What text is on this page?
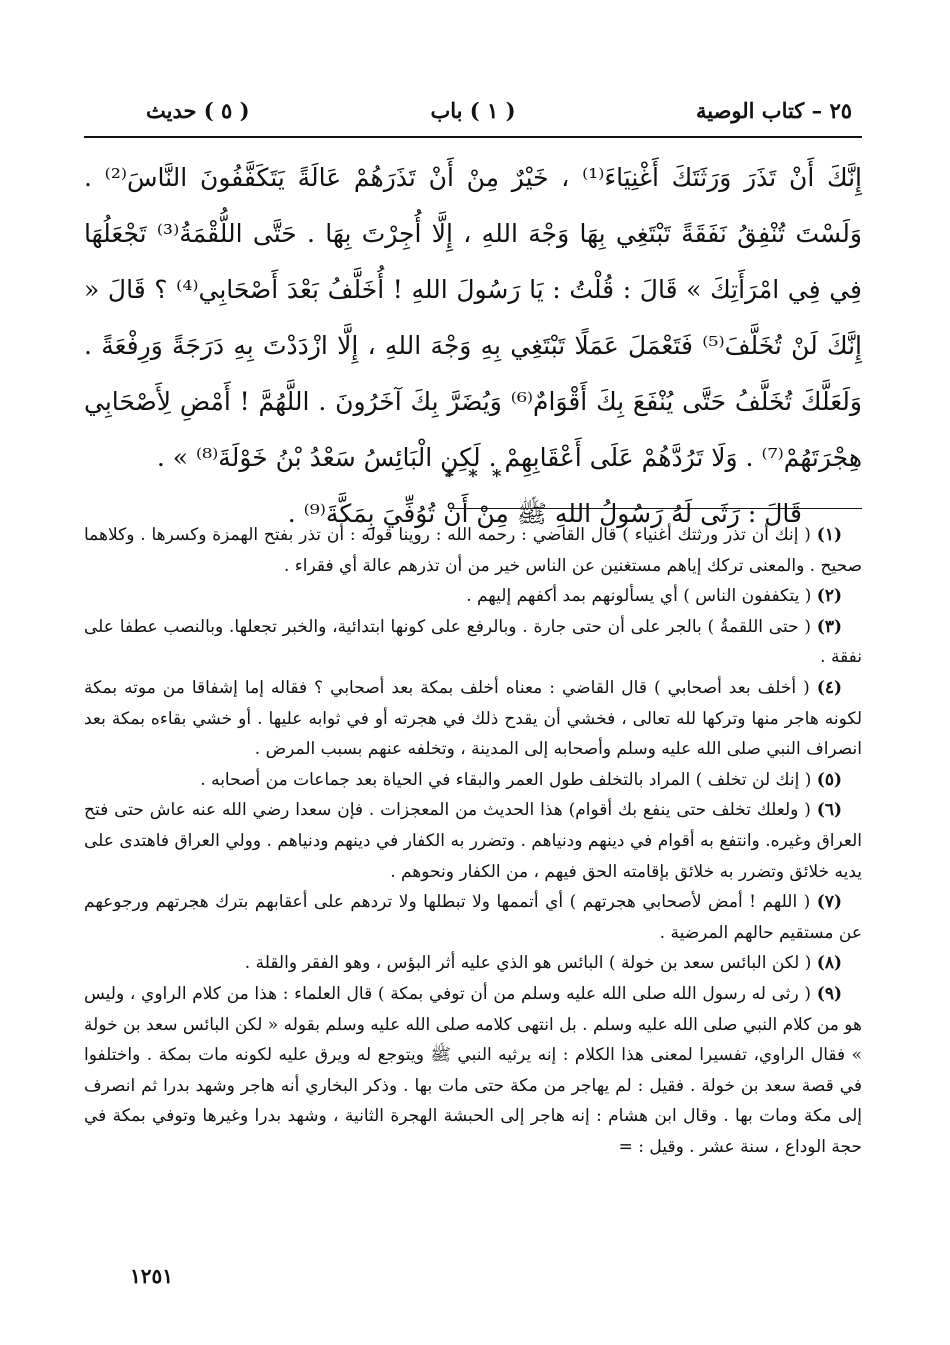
٢٥ – كتاب الوصية
( ١ ) باب
( ٥ ) حديث

إِنَّكَ أَنْ تَذَرَ وَرَثَتَكَ أَغْنِيَاءَ⁽¹⁾ ، خَيْرٌ مِنْ أَنْ تَذَرَهُمْ عَالَةً يَتَكَفَّفُونَ النَّاسَ⁽²⁾ . وَلَسْتَ تُنْفِقُ نَفَقَةً تَبْتَغِي بِهَا وَجْهَ اللهِ ، إِلَّا أُجِرْتَ بِهَا . حَتَّى اللُّقْمَةُ⁽³⁾ تَجْعَلُهَا فِي فِي امْرَأَتِكَ » قَالَ : قُلْتُ : يَا رَسُولَ اللهِ ! أُخَلَّفُ بَعْدَ أَصْحَابِي⁽⁴⁾ ؟ قَالَ « إِنَّكَ لَنْ تُخَلَّفَ⁽⁵⁾ فَتَعْمَلَ عَمَلًا تَبْتَغِي بِهِ وَجْهَ اللهِ ، إِلَّا ازْدَدْتَ بِهِ دَرَجَةً وَرِفْعَةً . وَلَعَلَّكَ تُخَلَّفُ حَتَّى يُنْفَعَ بِكَ أَقْوَامٌ⁽⁶⁾ وَيُضَرَّ بِكَ آخَرُونَ . اللَّهُمَّ ! أَمْضِ لِأَصْحَابِي هِجْرَتَهُمْ⁽⁷⁾ . وَلَا تَرُدَّهُمْ عَلَى أَعْقَابِهِمْ . لَكِنِ الْبَائِسُ سَعْدُ بْنُ خَوْلَةَ⁽⁸⁾ » .

قَالَ : رَثَى لَهُ رَسُولُ اللهِ ﷺ مِنْ أَنْ تُوُفِّيَ بِمَكَّةَ⁽⁹⁾ .

* * *

(١) ( إنك أن تذر ورثتك أغنياء ) قال القاضي : رحمه الله : روينا قوله : أن تذر بفتح الهمزة وكسرها . وكلاهما صحيح . والمعنى تركك إياهم مستغنين عن الناس خير من أن تذرهم عالة أي فقراء .

(٢) ( يتكففون الناس ) أي يسألونهم بمد أكفهم إليهم .

(٣) ( حتى اللقمةُ ) بالجر على أن حتى جارة . وبالرفع على كونها ابتدائية، والخبر تجعلها. وبالنصب عطفا على نفقة .

(٤) ( أخلف بعد أصحابي ) قال القاضي : معناه أخلف بمكة بعد أصحابي ؟ فقاله إما إشفاقا من موته بمكة لكونه هاجر منها وتركها لله تعالى ، فخشي أن يقدح ذلك في هجرته أو في ثوابه عليها . أو خشي بقاءه بمكة بعد انصراف النبي صلى الله عليه وسلم وأصحابه إلى المدينة ، وتخلفه عنهم بسبب المرض .

(٥) ( إنك لن تخلف ) المراد بالتخلف طول العمر والبقاء في الحياة بعد جماعات من أصحابه .

(٦) ( ولعلك تخلف حتى ينفع بك أقوام) هذا الحديث من المعجزات . فإن سعدا رضي الله عنه عاش حتى فتح العراق وغيره. وانتفع به أقوام في دينهم ودنياهم . وتضرر به الكفار في دينهم ودنياهم . وولي العراق فاهتدى على يديه خلائق وتضرر به خلائق بإقامته الحق فيهم ، من الكفار ونحوهم .

(٧) ( اللهم ! أمض لأصحابي هجرتهم ) أي أتممها ولا تبطلها ولا تردهم على أعقابهم بترك هجرتهم ورجوعهم عن مستقيم حالهم المرضية .

(٨) ( لكن البائس سعد بن خولة ) البائس هو الذي عليه أثر البؤس ، وهو الفقر والقلة .

(٩) ( رثى له رسول الله صلى الله عليه وسلم من أن توفي بمكة ) قال العلماء : هذا من كلام الراوي ، وليس هو من كلام النبي صلى الله عليه وسلم . بل انتهى كلامه صلى الله عليه وسلم بقوله « لكن البائس سعد بن خولة » فقال الراوي، تفسيرا لمعنى هذا الكلام : إنه يرثيه النبي ﷺ ويتوجع له ويرق عليه لكونه مات بمكة . واختلفوا في قصة سعد بن خولة . فقيل : لم يهاجر من مكة حتى مات بها . وذكر البخاري أنه هاجر وشهد بدرا ثم انصرف إلى مكة ومات بها . وقال ابن هشام : إنه هاجر إلى الحبشة الهجرة الثانية ، وشهد بدرا وغيرها وتوفي بمكة في حجة الوداع ، سنة عشر . وقيل : =

١٢٥١
